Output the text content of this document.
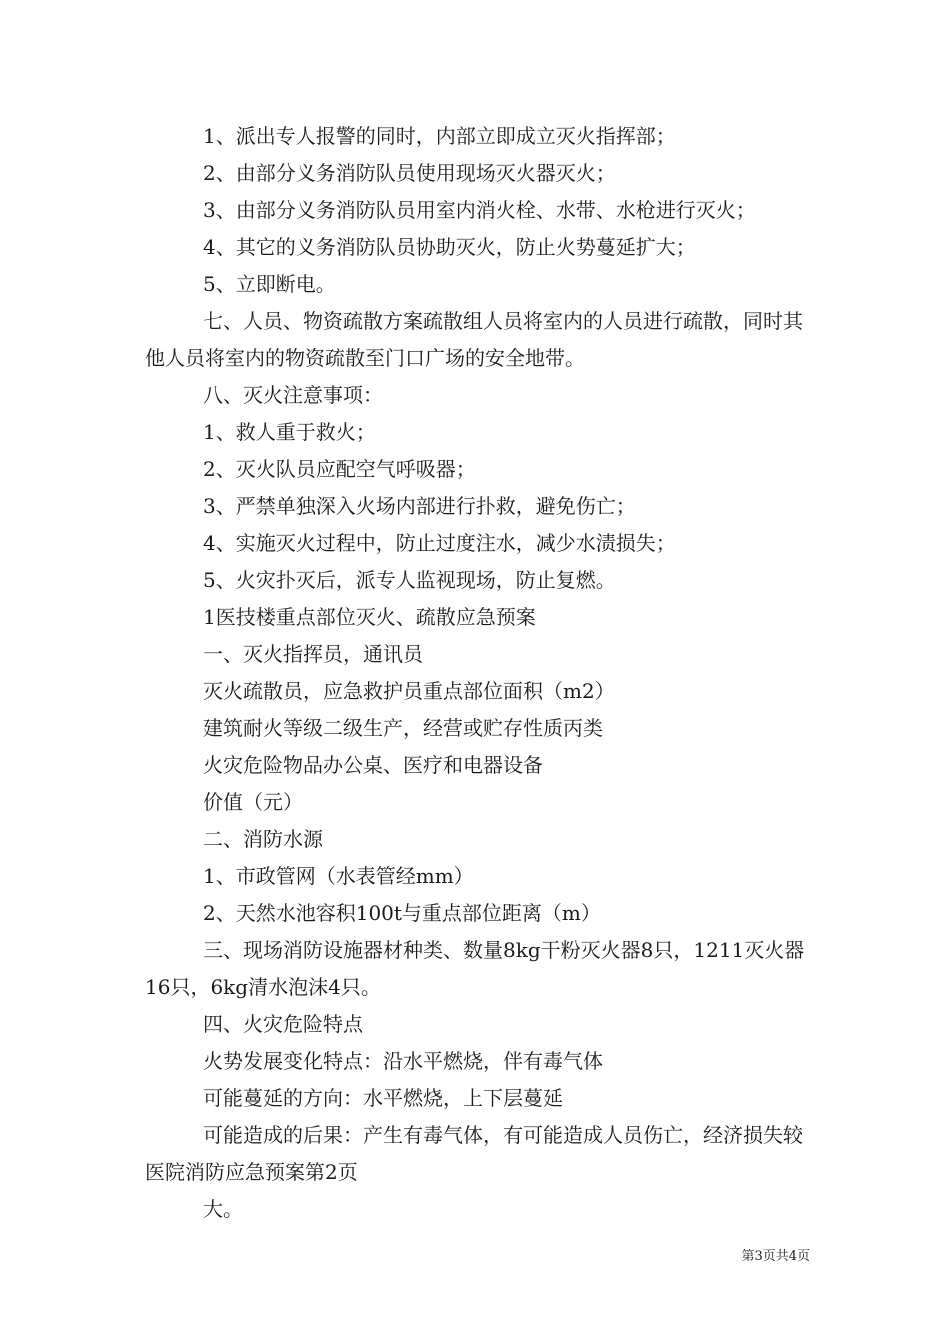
1、派出专人报警的同时，内部立即成立灭火指挥部；

2、由部分义务消防队员使用现场灭火器灭火；

3、由部分义务消防队员用室内消火栓、水带、水枪进行灭火；

4、其它的义务消防队员协助灭火，防止火势蔓延扩大；

5、立即断电。

七、人员、物资疏散方案疏散组人员将室内的人员进行疏散，同时其他人员将室内的物资疏散至门口广场的安全地带。

八、灭火注意事项：

1、救人重于救火；

2、灭火队员应配空气呼吸器；

3、严禁单独深入火场内部进行扑救，避免伤亡；

4、实施灭火过程中，防止过度注水，减少水渍损失；

5、火灾扑灭后，派专人监视现场，防止复燃。

1医技楼重点部位灭火、疏散应急预案

一、灭火指挥员，通讯员

灭火疏散员，应急救护员重点部位面积（m2）

建筑耐火等级二级生产，经营或贮存性质丙类

火灾危险物品办公桌、医疗和电器设备

价值（元）

二、消防水源

1、市政管网（水表管经mm）

2、天然水池容积100t与重点部位距离（m）

三、现场消防设施器材种类、数量8kg干粉灭火器8只，1211灭火器16只，6kg清水泡沫4只。

四、火灾危险特点

火势发展变化特点：沿水平燃烧，伴有毒气体

可能蔓延的方向：水平燃烧，上下层蔓延

可能造成的后果：产生有毒气体，有可能造成人员伤亡，经济损失较医院消防应急预案第2页

大。

第3页共4页
